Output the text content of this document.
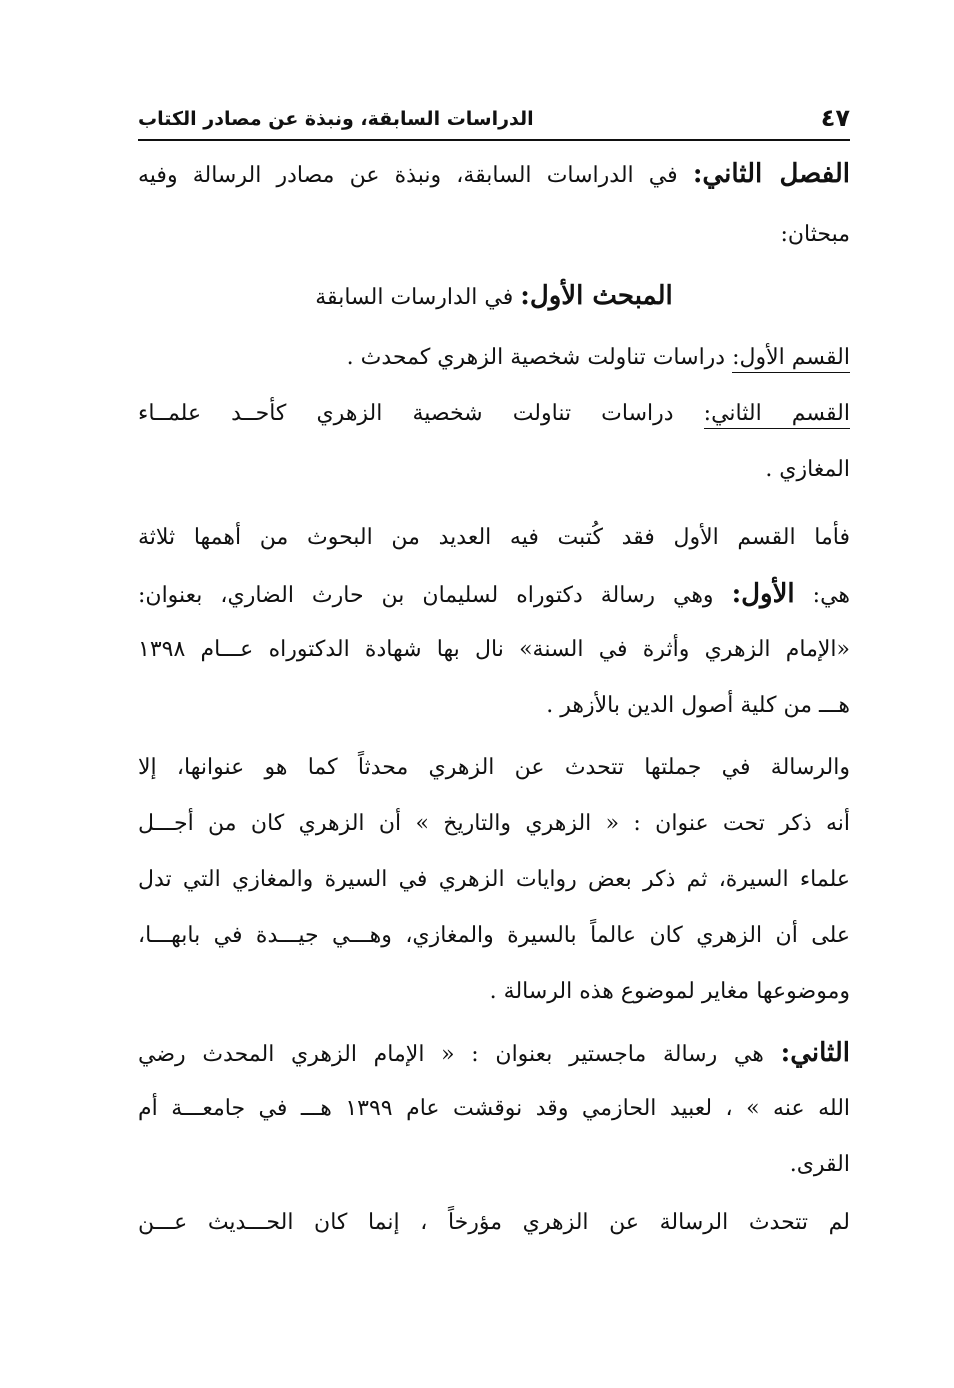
الدراسات السابقة، ونبذة عن مصادر الكتاب	٤٧
الفصل الثاني: في الدراسات السابقة، ونبذة عن مصادر الرسالة وفيه
مبحثان:
المبحث الأول: في الدارسات السابقة
القسم الأول: دراسات تناولت شخصية الزهري كمحدث .
القسم الثاني: دراسات تناولت شخصية الزهري كأحــد علمــاء
المغازي .
فأما القسم الأول فقد كُتبت فيه العديد من البحوث من أهمها ثلاثة
هي: الأول: وهي رسالة دكتوراه لسليمان بن حارث الضاري، بعنوان:
«الإمام الزهري وأثرة في السنة» نال بها شهادة الدكتوراه عـــام ١٣٩٨
هـــ من كلية أصول الدين بالأزهر .
والرسالة في جملتها تتحدث عن الزهري محدثاً كما هو عنوانها، إلا
أنه ذكر تحت عنوان : « الزهري والتاريخ » أن الزهري كان من أجـــل
علماء السيرة، ثم ذكر بعض روايات الزهري في السيرة والمغازي التي تدل
على أن الزهري كان عالماً بالسيرة والمغازي، وهـــي جيـــدة في بابهـــا،
وموضوعها مغاير لموضوع هذه الرسالة .
الثاني: هي رسالة ماجستير بعنوان : « الإمام الزهري المحدث رضي
الله عنه » ، لعبيد الحازمي وقد نوقشت عام ١٣٩٩ هـــ في جامعـــة أم
القرى.
لم تتحدث الرسالة عن الزهري مؤرخاً ، إنما كان الحـــديث عـــن
